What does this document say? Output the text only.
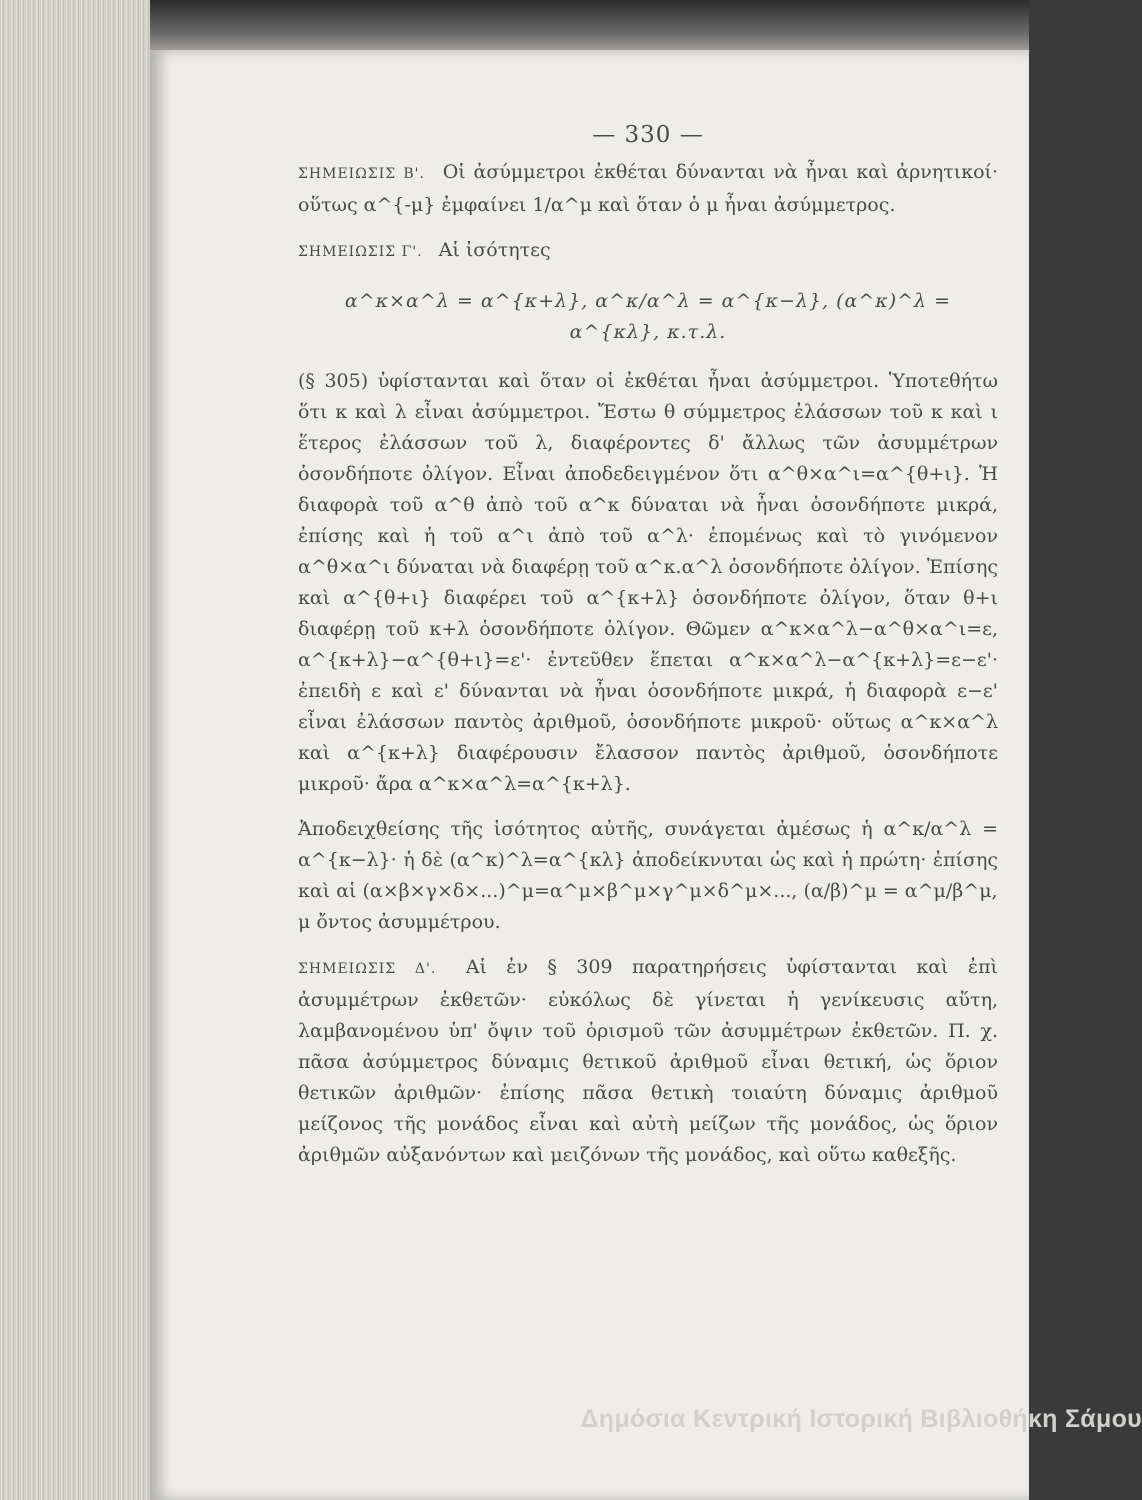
— 330 —

ΣΗΜΕΙΩΣΙΣ Β'. Οἱ ἀσύμμετροι ἐκθέται δύνανται νὰ ἦναι καὶ ἀρνητικοί· οὕτως α^{-μ} ἐμφαίνει 1/α^μ καὶ ὅταν ὁ μ ἦναι ἀσύμμετρος.

ΣΗΜΕΙΩΣΙΣ Γ'. Αἱ ἰσότητες

α^κ×α^λ = α^{κ+λ}, α^κ/α^λ = α^{κ−λ}, (α^κ)^λ = α^{κλ}, κ.τ.λ.

(§ 305) ὑφίστανται καὶ ὅταν οἱ ἐκθέται ἦναι ἀσύμμετροι. Ὑποτεθήτω ὅτι κ καὶ λ εἶναι ἀσύμμετροι. Ἔστω θ σύμμετρος ἐλάσσων τοῦ κ καὶ ι ἕτερος ἐλάσσων τοῦ λ, διαφέροντες δ' ἄλλως τῶν ἀσυμμέτρων ὁσονδήποτε ὀλίγον. Εἶναι ἀποδεδειγμένον ὅτι α^θ×α^ι=α^{θ+ι}. Ἡ διαφορὰ τοῦ α^θ ἀπὸ τοῦ α^κ δύναται νὰ ἦναι ὁσονδήποτε μικρά, ἐπίσης καὶ ἡ τοῦ α^ι ἀπὸ τοῦ α^λ· ἑπομένως καὶ τὸ γινόμενον α^θ×α^ι δύναται νὰ διαφέρῃ τοῦ α^κ.α^λ ὁσονδήποτε ὀλίγον. Ἐπίσης καὶ α^{θ+ι} διαφέρει τοῦ α^{κ+λ} ὁσονδήποτε ὀλίγον, ὅταν θ+ι διαφέρῃ τοῦ κ+λ ὁσονδήποτε ὀλίγον. Θῶμεν α^κ×α^λ−α^θ×α^ι=ε, α^{κ+λ}−α^{θ+ι}=ε'· ἐντεῦθεν ἕπεται α^κ×α^λ−α^{κ+λ}=ε−ε'· ἐπειδὴ ε καὶ ε' δύνανται νὰ ἦναι ὁσονδήποτε μικρά, ἡ διαφορὰ ε−ε' εἶναι ἐλάσσων παντὸς ἀριθμοῦ, ὁσονδήποτε μικροῦ· οὕτως α^κ×α^λ καὶ α^{κ+λ} διαφέρουσιν ἔλασσον παντὸς ἀριθμοῦ, ὁσονδήποτε μικροῦ· ἄρα α^κ×α^λ=α^{κ+λ}.

Ἀποδειχθείσης τῆς ἰσότητος αὐτῆς, συνάγεται ἀμέσως ἡ α^κ/α^λ = α^{κ−λ}· ἡ δὲ (α^κ)^λ=α^{κλ} ἀποδείκνυται ὡς καὶ ἡ πρώτη· ἐπίσης καὶ αἱ (α×β×γ×δ×...)^μ=α^μ×β^μ×γ^μ×δ^μ×..., (α/β)^μ = α^μ/β^μ,

μ ὄντος ἀσυμμέτρου.

ΣΗΜΕΙΩΣΙΣ Δ'. Αἱ ἐν § 309 παρατηρήσεις ὑφίστανται καὶ ἐπὶ ἀσυμμέτρων ἐκθετῶν· εὐκόλως δὲ γίνεται ἡ γενίκευσις αὕτη, λαμβανομένου ὑπ' ὄψιν τοῦ ὁρισμοῦ τῶν ἀσυμμέτρων ἐκθετῶν. Π. χ. πᾶσα ἀσύμμετρος δύναμις θετικοῦ ἀριθμοῦ εἶναι θετική, ὡς ὅριον θετικῶν ἀριθμῶν· ἐπίσης πᾶσα θετικὴ τοιαύτη δύναμις ἀριθμοῦ μείζονος τῆς μονάδος εἶναι καὶ αὐτὴ μείζων τῆς μονάδος, ὡς ὅριον ἀριθμῶν αὐξανόντων καὶ μειζόνων τῆς μονάδος, καὶ οὕτω καθεξῆς.

Δημόσια Κεντρική Ιστορική Βιβλιοθήκη Σάμου
